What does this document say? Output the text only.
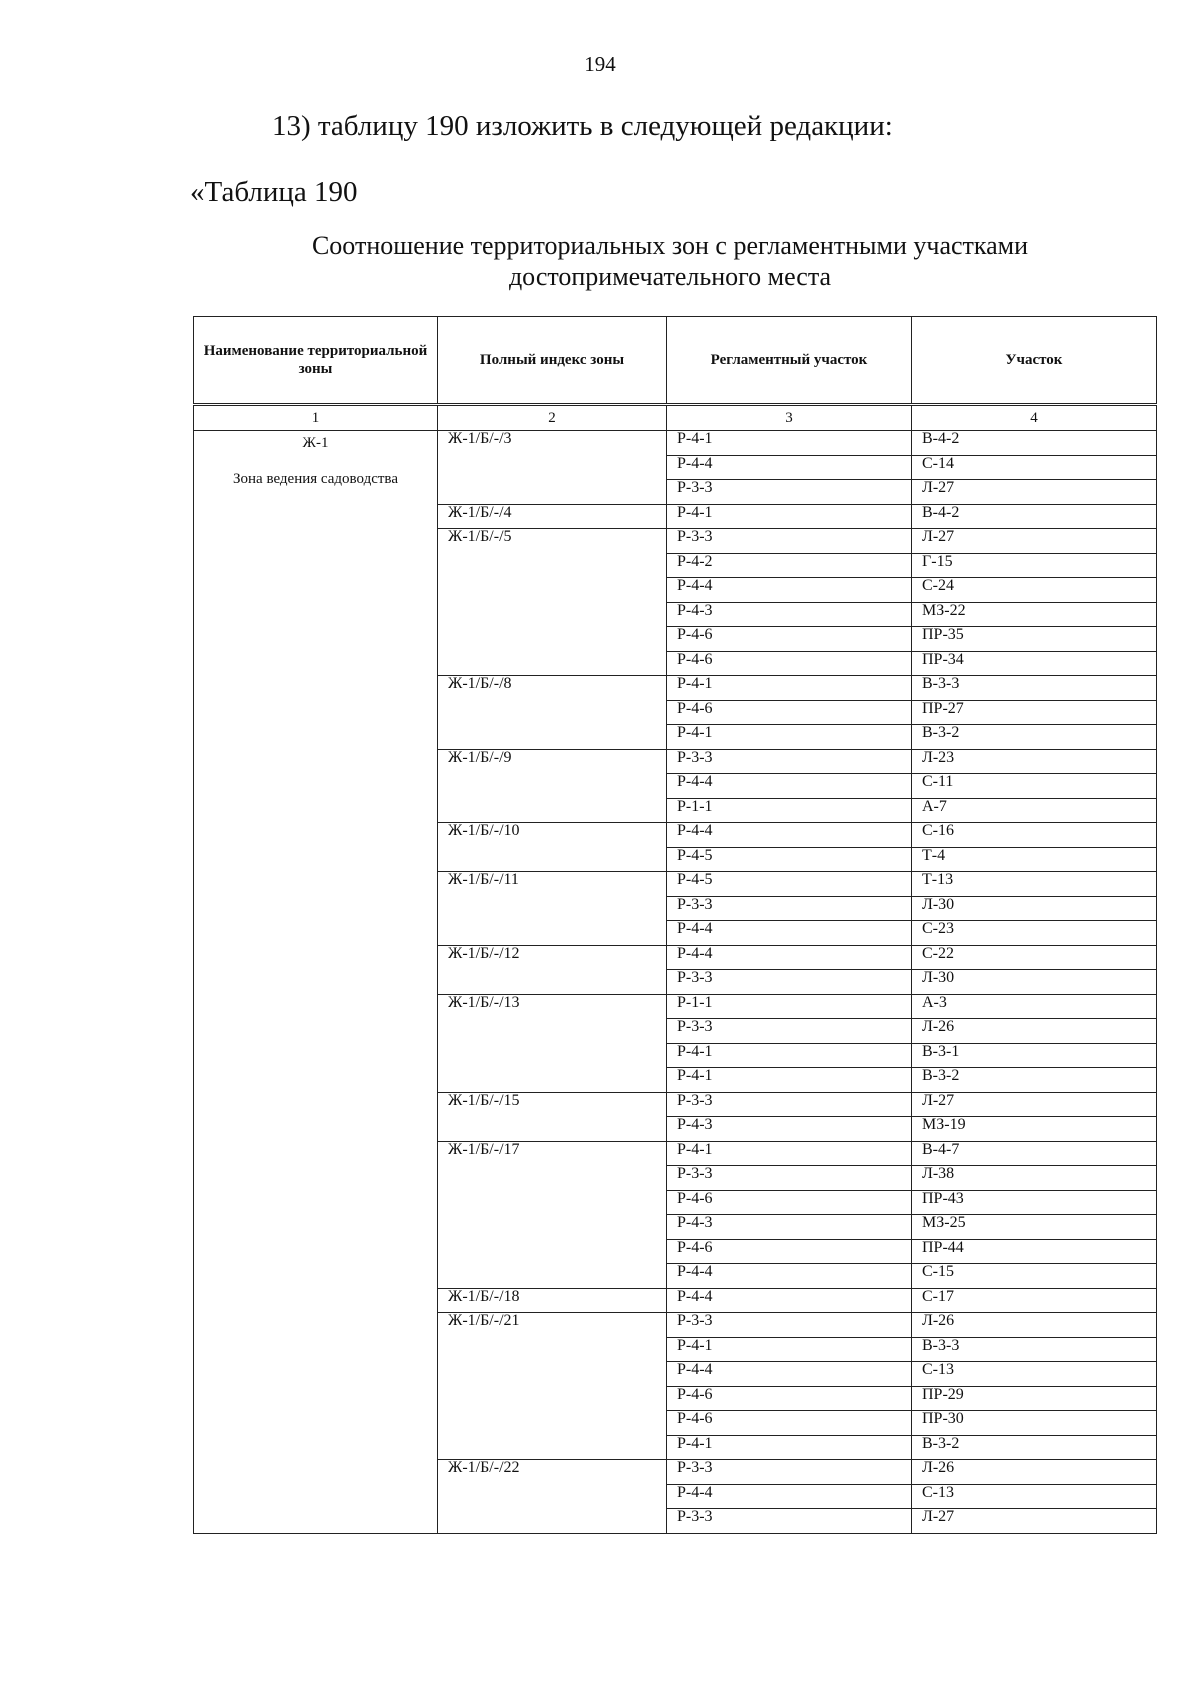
194
13) таблицу 190 изложить в следующей редакции:
«Таблица 190
Соотношение территориальных зон с регламентными участками
достопримечательного места
Наименование территориальной зоны	Полный индекс зоны	Регламентный участок	Участок
1	2	3	4

Ж-1
Зона ведения садоводства	Ж-1/Б/-/3	Р-4-1	В-4-2
		Р-4-4	С-14
		Р-3-3	Л-27
	Ж-1/Б/-/4	Р-4-1	В-4-2
	Ж-1/Б/-/5	Р-3-3	Л-27
		Р-4-2	Г-15
		Р-4-4	С-24
		Р-4-3	МЗ-22
		Р-4-6	ПР-35
		Р-4-6	ПР-34
	Ж-1/Б/-/8	Р-4-1	В-3-3
		Р-4-6	ПР-27
		Р-4-1	В-3-2
	Ж-1/Б/-/9	Р-3-3	Л-23
		Р-4-4	С-11
		Р-1-1	А-7
	Ж-1/Б/-/10	Р-4-4	С-16
		Р-4-5	Т-4
	Ж-1/Б/-/11	Р-4-5	Т-13
		Р-3-3	Л-30
		Р-4-4	С-23
	Ж-1/Б/-/12	Р-4-4	С-22
		Р-3-3	Л-30
	Ж-1/Б/-/13	Р-1-1	А-3
		Р-3-3	Л-26
		Р-4-1	В-3-1
		Р-4-1	В-3-2
	Ж-1/Б/-/15	Р-3-3	Л-27
		Р-4-3	МЗ-19
	Ж-1/Б/-/17	Р-4-1	В-4-7
		Р-3-3	Л-38
		Р-4-6	ПР-43
		Р-4-3	МЗ-25
		Р-4-6	ПР-44
		Р-4-4	С-15
	Ж-1/Б/-/18	Р-4-4	С-17
	Ж-1/Б/-/21	Р-3-3	Л-26
		Р-4-1	В-3-3
		Р-4-4	С-13
		Р-4-6	ПР-29
		Р-4-6	ПР-30
		Р-4-1	В-3-2
	Ж-1/Б/-/22	Р-3-3	Л-26
		Р-4-4	С-13
		Р-3-3	Л-27
